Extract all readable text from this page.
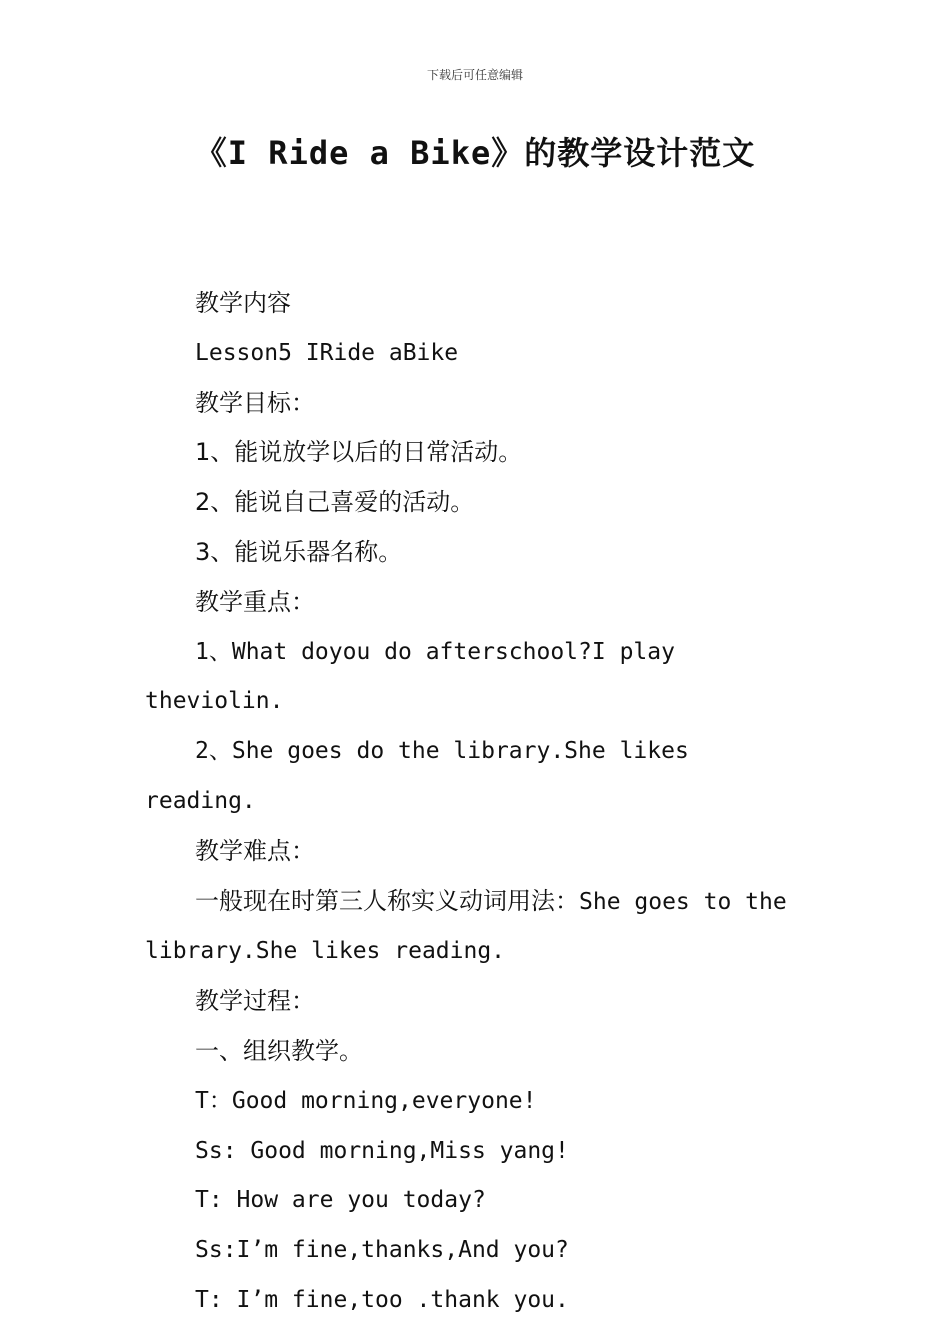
下载后可任意编辑
《I Ride a Bike》的教学设计范文

教学内容

Lesson5 IRide aBike

教学目标：

1、能说放学以后的日常活动。

2、能说自己喜爱的活动。

3、能说乐器名称。

教学重点：

1、What doyou do afterschool?I play theviolin.

2、She goes do the library.She likes reading.

教学难点：

一般现在时第三人称实义动词用法：She goes to the library.She likes reading.

教学过程：

一、组织教学。

T：Good morning,everyone!

Ss: Good morning,Miss yang!

T: How are you today?

Ss:I’m fine,thanks,And you?

T: I’m fine,too .thank you.
